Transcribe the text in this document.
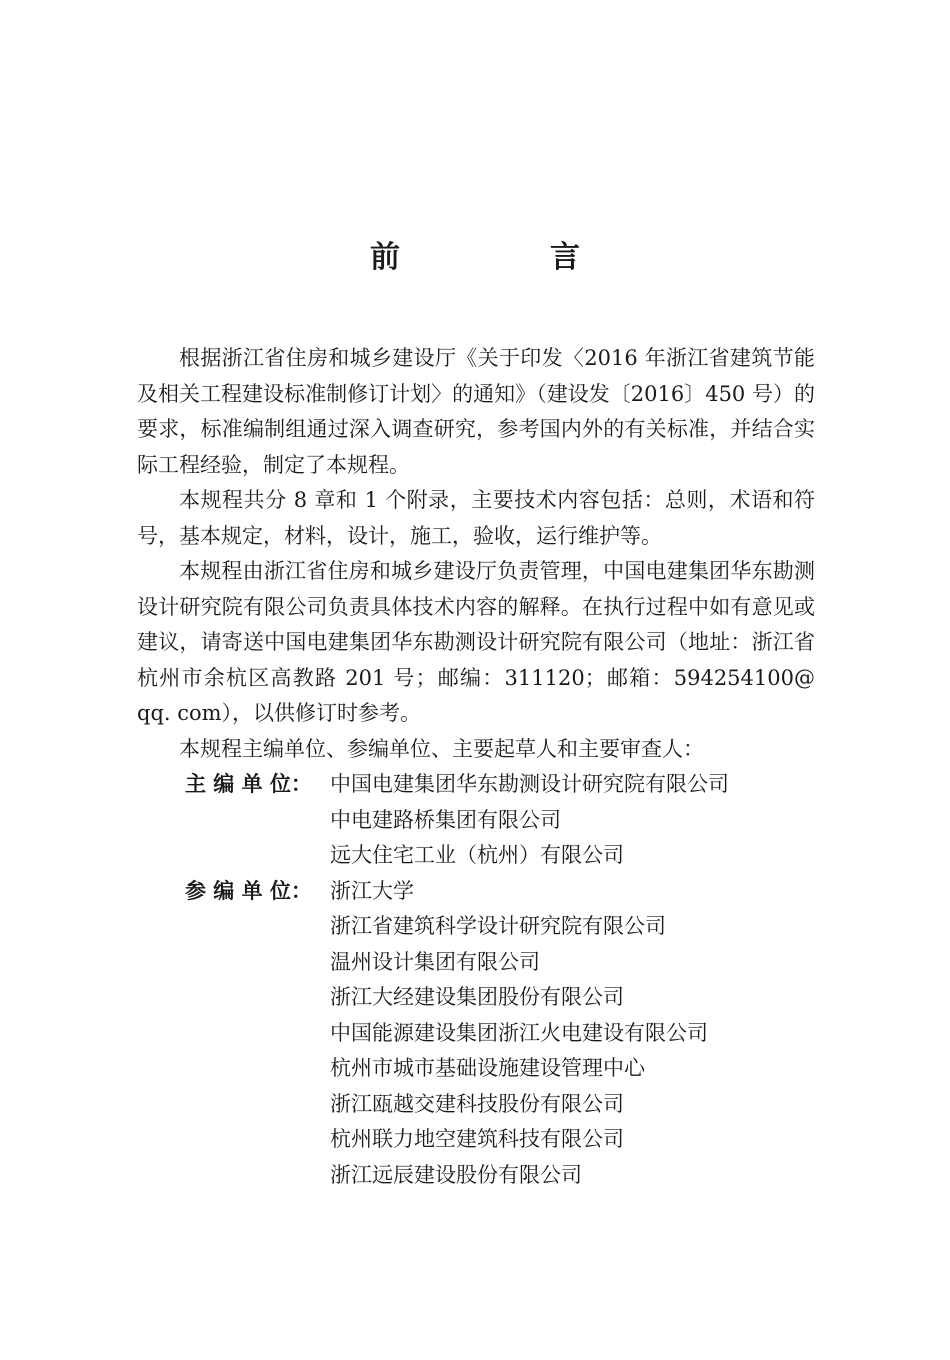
前　言

根据浙江省住房和城乡建设厅《关于印发〈2016 年浙江省建筑节能及相关工程建设标准制修订计划〉的通知》（建设发〔2016〕450 号）的要求，标准编制组通过深入调查研究，参考国内外的有关标准，并结合实际工程经验，制定了本规程。

本规程共分 8 章和 1 个附录，主要技术内容包括：总则，术语和符号，基本规定，材料，设计，施工，验收，运行维护等。

本规程由浙江省住房和城乡建设厅负责管理，中国电建集团华东勘测设计研究院有限公司负责具体技术内容的解释。在执行过程中如有意见或建议，请寄送中国电建集团华东勘测设计研究院有限公司（地址：浙江省杭州市余杭区高教路 201 号；邮编：311120；邮箱：594254100@ qq. com），以供修订时参考。

本规程主编单位、参编单位、主要起草人和主要审查人：

主 编 单 位： 中国电建集团华东勘测设计研究院有限公司
中电建路桥集团有限公司
远大住宅工业（杭州）有限公司
参 编 单 位： 浙江大学
浙江省建筑科学设计研究院有限公司
温州设计集团有限公司
浙江大经建设集团股份有限公司
中国能源建设集团浙江火电建设有限公司
杭州市城市基础设施建设管理中心
浙江瓯越交建科技股份有限公司
杭州联力地空建筑科技有限公司
浙江远辰建设股份有限公司
